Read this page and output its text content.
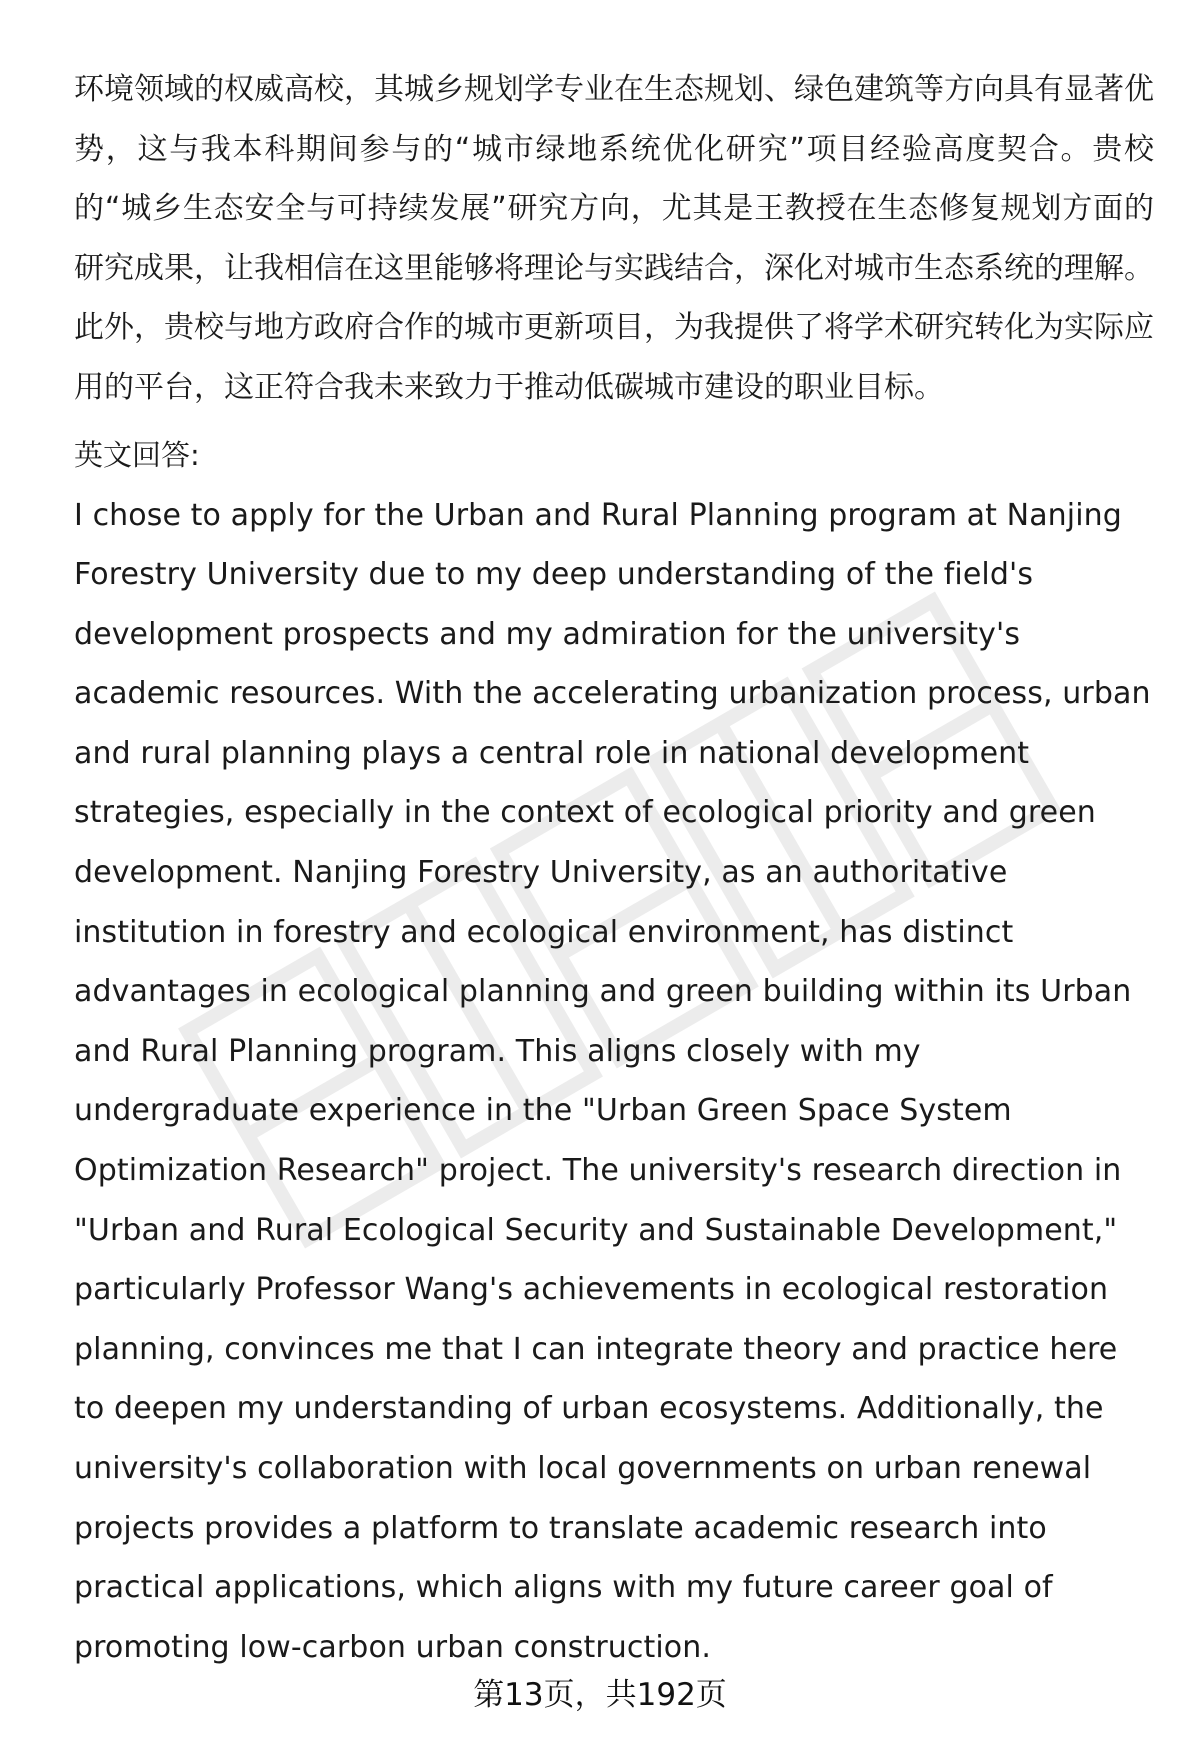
环境领域的权威高校，其城乡规划学专业在生态规划、绿色建筑等方向具有显著优势，这与我本科期间参与的“城市绿地系统优化研究”项目经验高度契合。贵校的“城乡生态安全与可持续发展”研究方向，尤其是王教授在生态修复规划方面的研究成果，让我相信在这里能够将理论与实践结合，深化对城市生态系统的理解。此外，贵校与地方政府合作的城市更新项目，为我提供了将学术研究转化为实际应用的平台，这正符合我未来致力于推动低碳城市建设的职业目标。

英文回答:

I chose to apply for the Urban and Rural Planning program at Nanjing Forestry University due to my deep understanding of the field's development prospects and my admiration for the university's academic resources. With the accelerating urbanization process, urban and rural planning plays a central role in national development strategies, especially in the context of ecological priority and green development. Nanjing Forestry University, as an authoritative institution in forestry and ecological environment, has distinct advantages in ecological planning and green building within its Urban and Rural Planning program. This aligns closely with my undergraduate experience in the "Urban Green Space System Optimization Research" project. The university's research direction in "Urban and Rural Ecological Security and Sustainable Development," particularly Professor Wang's achievements in ecological restoration planning, convinces me that I can integrate theory and practice here to deepen my understanding of urban ecosystems. Additionally, the university's collaboration with local governments on urban renewal projects provides a platform to translate academic research into practical applications, which aligns with my future career goal of promoting low-carbon urban construction.

第13页，共192页
